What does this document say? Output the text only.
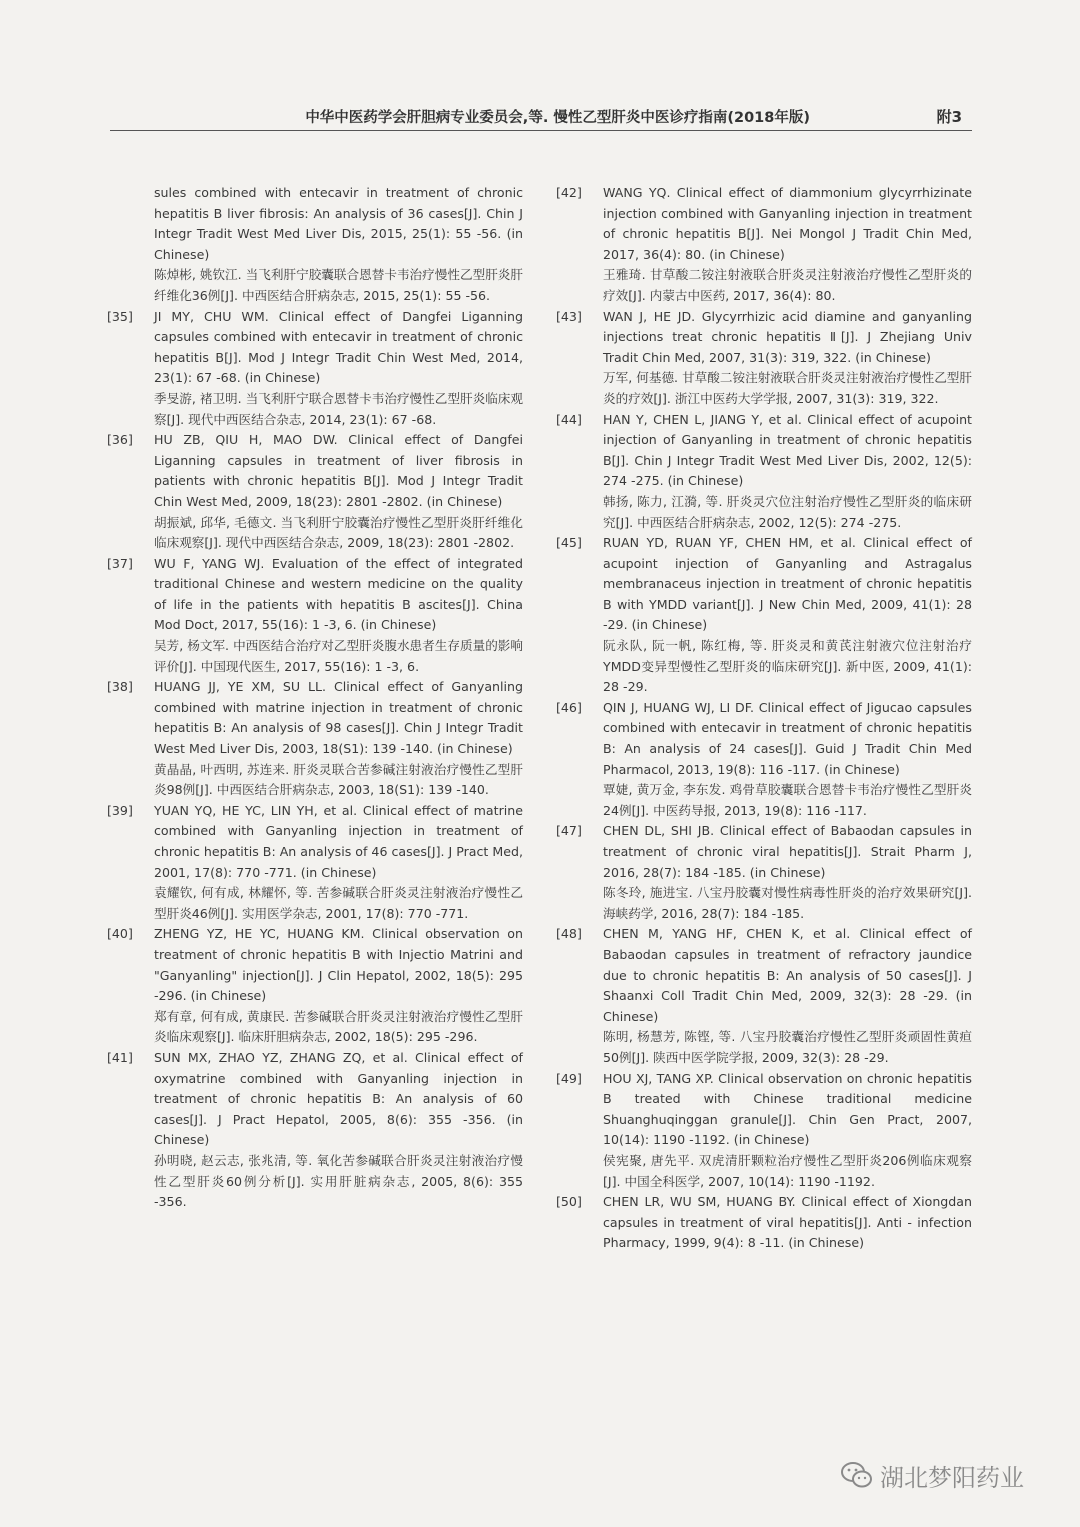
中华中医药学会肝胆病专业委员会,等. 慢性乙型肝炎中医诊疗指南(2018年版)	附3
sules combined with entecavir in treatment of chronic hepatitis B liver fibrosis: An analysis of 36 cases[J]. Chin J Integr Tradit West Med Liver Dis, 2015, 25(1): 55 -56. (in Chinese)
陈焯彬, 姚钦江. 当飞利肝宁胶囊联合恩替卡韦治疗慢性乙型肝炎肝纤维化36例[J]. 中西医结合肝病杂志, 2015, 25(1): 55 -56.
[35]	JI MY, CHU WM. Clinical effect of Dangfei Liganning capsules combined with entecavir in treatment of chronic hepatitis B[J]. Mod J Integr Tradit Chin West Med, 2014, 23(1): 67 -68. (in Chinese)
季旻游, 褚卫明. 当飞利肝宁联合恩替卡韦治疗慢性乙型肝炎临床观察[J]. 现代中西医结合杂志, 2014, 23(1): 67 -68.
[36]	HU ZB, QIU H, MAO DW. Clinical effect of Dangfei Liganning capsules in treatment of liver fibrosis in patients with chronic hepatitis B[J]. Mod J Integr Tradit Chin West Med, 2009, 18(23): 2801 -2802. (in Chinese)
胡振斌, 邱华, 毛德文. 当飞利肝宁胶囊治疗慢性乙型肝炎肝纤维化临床观察[J]. 现代中西医结合杂志, 2009, 18(23): 2801 -2802.
[37]	WU F, YANG WJ. Evaluation of the effect of integrated traditional Chinese and western medicine on the quality of life in the patients with hepatitis B ascites[J]. China Mod Doct, 2017, 55(16): 1 -3, 6. (in Chinese)
吴芳, 杨文军. 中西医结合治疗对乙型肝炎腹水患者生存质量的影响评价[J]. 中国现代医生, 2017, 55(16): 1 -3, 6.
[38]	HUANG JJ, YE XM, SU LL. Clinical effect of Ganyanling combined with matrine injection in treatment of chronic hepatitis B: An analysis of 98 cases[J]. Chin J Integr Tradit West Med Liver Dis, 2003, 18(S1): 139 -140. (in Chinese)
黄晶晶, 叶西明, 苏连来. 肝炎灵联合苦参碱注射液治疗慢性乙型肝炎98例[J]. 中西医结合肝病杂志, 2003, 18(S1): 139 -140.
[39]	YUAN YQ, HE YC, LIN YH, et al. Clinical effect of matrine combined with Ganyanling injection in treatment of chronic hepatitis B: An analysis of 46 cases[J]. J Pract Med, 2001, 17(8): 770 -771. (in Chinese)
袁耀钦, 何有成, 林耀怀, 等. 苦参碱联合肝炎灵注射液治疗慢性乙型肝炎46例[J]. 实用医学杂志, 2001, 17(8): 770 -771.
[40]	ZHENG YZ, HE YC, HUANG KM. Clinical observation on treatment of chronic hepatitis B with Injectio Matrini and "Ganyanling" injection[J]. J Clin Hepatol, 2002, 18(5): 295 -296. (in Chinese)
郑有章, 何有成, 黄康民. 苦参碱联合肝炎灵注射液治疗慢性乙型肝炎临床观察[J]. 临床肝胆病杂志, 2002, 18(5): 295 -296.
[41]	SUN MX, ZHAO YZ, ZHANG ZQ, et al. Clinical effect of oxymatrine combined with Ganyanling injection in treatment of chronic hepatitis B: An analysis of 60 cases[J]. J Pract Hepatol, 2005, 8(6): 355 -356. (in Chinese)
孙明晓, 赵云志, 张兆清, 等. 氧化苦参碱联合肝炎灵注射液治疗慢性乙型肝炎60例分析[J]. 实用肝脏病杂志, 2005, 8(6): 355 -356.
[42]	WANG YQ. Clinical effect of diammonium glycyrrhizinate injection combined with Ganyanling injection in treatment of chronic hepatitis B[J]. Nei Mongol J Tradit Chin Med, 2017, 36(4): 80. (in Chinese)
王雅琦. 甘草酸二铵注射液联合肝炎灵注射液治疗慢性乙型肝炎的疗效[J]. 内蒙古中医药, 2017, 36(4): 80.
[43]	WAN J, HE JD. Glycyrrhizic acid diamine and ganyanling injections treat chronic hepatitis Ⅱ[J]. J Zhejiang Univ Tradit Chin Med, 2007, 31(3): 319, 322. (in Chinese)
万军, 何基德. 甘草酸二铵注射液联合肝炎灵注射液治疗慢性乙型肝炎的疗效[J]. 浙江中医药大学学报, 2007, 31(3): 319, 322.
[44]	HAN Y, CHEN L, JIANG Y, et al. Clinical effect of acupoint injection of Ganyanling in treatment of chronic hepatitis B[J]. Chin J Integr Tradit West Med Liver Dis, 2002, 12(5): 274 -275. (in Chinese)
韩扬, 陈力, 江漪, 等. 肝炎灵穴位注射治疗慢性乙型肝炎的临床研究[J]. 中西医结合肝病杂志, 2002, 12(5): 274 -275.
[45]	RUAN YD, RUAN YF, CHEN HM, et al. Clinical effect of acupoint injection of Ganyanling and Astragalus membranaceus injection in treatment of chronic hepatitis B with YMDD variant[J]. J New Chin Med, 2009, 41(1): 28 -29. (in Chinese)
阮永队, 阮一帆, 陈红梅, 等. 肝炎灵和黄芪注射液穴位注射治疗YMDD变异型慢性乙型肝炎的临床研究[J]. 新中医, 2009, 41(1): 28 -29.
[46]	QIN J, HUANG WJ, LI DF. Clinical effect of Jigucao capsules combined with entecavir in treatment of chronic hepatitis B: An analysis of 24 cases[J]. Guid J Tradit Chin Med Pharmacol, 2013, 19(8): 116 -117. (in Chinese)
覃婕, 黄万金, 李东发. 鸡骨草胶囊联合恩替卡韦治疗慢性乙型肝炎24例[J]. 中医药导报, 2013, 19(8): 116 -117.
[47]	CHEN DL, SHI JB. Clinical effect of Babaodan capsules in treatment of chronic viral hepatitis[J]. Strait Pharm J, 2016, 28(7): 184 -185. (in Chinese)
陈冬玲, 施进宝. 八宝丹胶囊对慢性病毒性肝炎的治疗效果研究[J]. 海峡药学, 2016, 28(7): 184 -185.
[48]	CHEN M, YANG HF, CHEN K, et al. Clinical effect of Babaodan capsules in treatment of refractory jaundice due to chronic hepatitis B: An analysis of 50 cases[J]. J Shaanxi Coll Tradit Chin Med, 2009, 32(3): 28 -29. (in Chinese)
陈明, 杨慧芳, 陈铿, 等. 八宝丹胶囊治疗慢性乙型肝炎顽固性黄疸50例[J]. 陕西中医学院学报, 2009, 32(3): 28 -29.
[49]	HOU XJ, TANG XP. Clinical observation on chronic hepatitis B treated with Chinese traditional medicine Shuanghuqinggan granule[J]. Chin Gen Pract, 2007, 10(14): 1190 -1192. (in Chinese)
侯宪聚, 唐先平. 双虎清肝颗粒治疗慢性乙型肝炎206例临床观察[J]. 中国全科医学, 2007, 10(14): 1190 -1192.
[50]	CHEN LR, WU SM, HUANG BY. Clinical effect of Xiongdan capsules in treatment of viral hepatitis[J]. Anti - infection Pharmacy, 1999, 9(4): 8 -11. (in Chinese)
湖北梦阳药业
